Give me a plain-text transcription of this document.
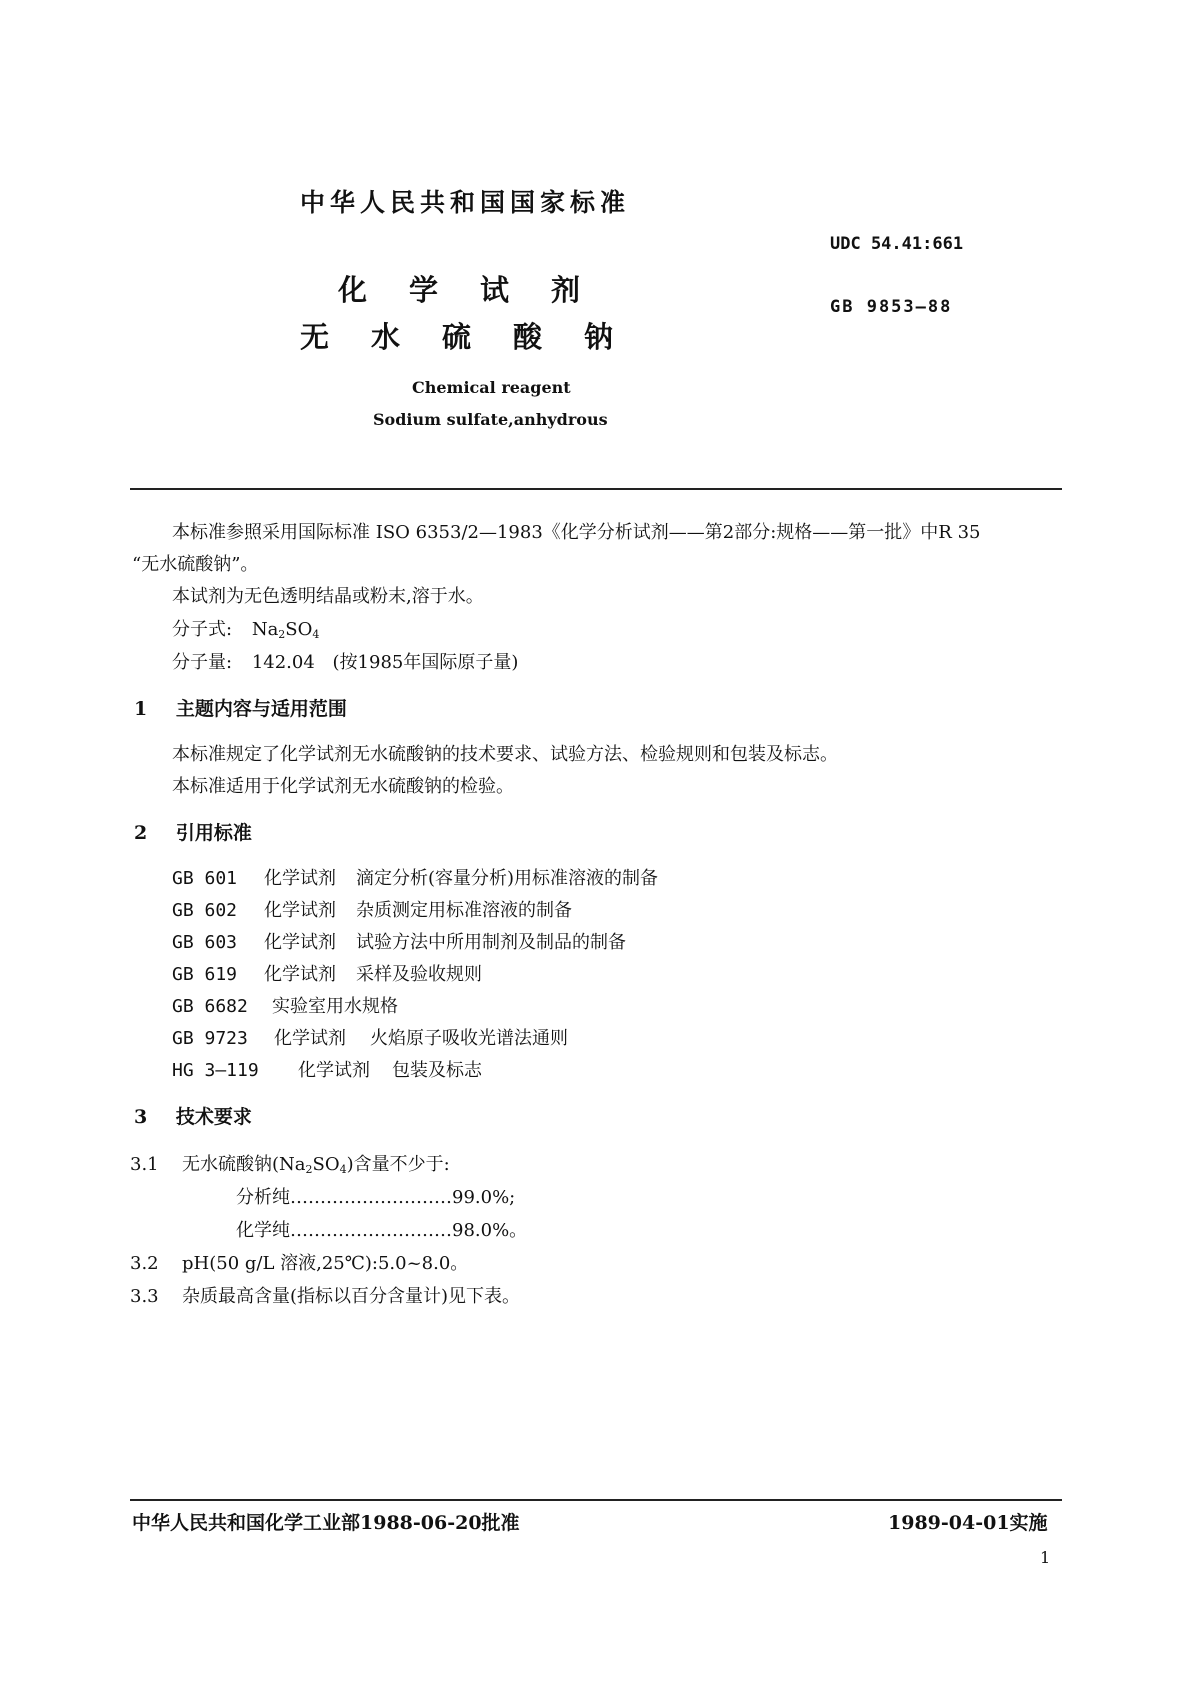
中华人民共和国国家标准
UDC 54.41:661
化学试剂	GB 9853—88
无水硫酸钠
Chemical reagent
Sodium sulfate,anhydrous
本标准参照采用国际标准 ISO 6353/2—1983《化学分析试剂——第2部分:规格——第一批》中R 35
“无水硫酸钠”。
本试剂为无色透明结晶或粉末,溶于水。
分子式: $Na_2SO_4$
分子量: 142.04 (按1985年国际原子量)
1 主题内容与适用范围
本标准规定了化学试剂无水硫酸钠的技术要求、试验方法、检验规则和包装及标志。
本标准适用于化学试剂无水硫酸钠的检验。
2 引用标准
GB 601 化学试剂 滴定分析(容量分析)用标准溶液的制备
GB 602 化学试剂 杂质测定用标准溶液的制备
GB 603 化学试剂 试验方法中所用制剂及制品的制备
GB 619 化学试剂 采样及验收规则
GB 6682 实验室用水规格
GB 9723 化学试剂 火焰原子吸收光谱法通则
HG 3—119 化学试剂 包装及标志
3 技术要求
3.1 无水硫酸钠$(Na_2SO_4)$含量不少于:
分析纯………………………99.0%;
化学纯………………………98.0%。
3.2 pH(50 g/L 溶液,25℃):5.0~8.0。
3.3 杂质最高含量(指标以百分含量计)见下表。
中华人民共和国化学工业部1988-06-20批准	1989-04-01实施
1
